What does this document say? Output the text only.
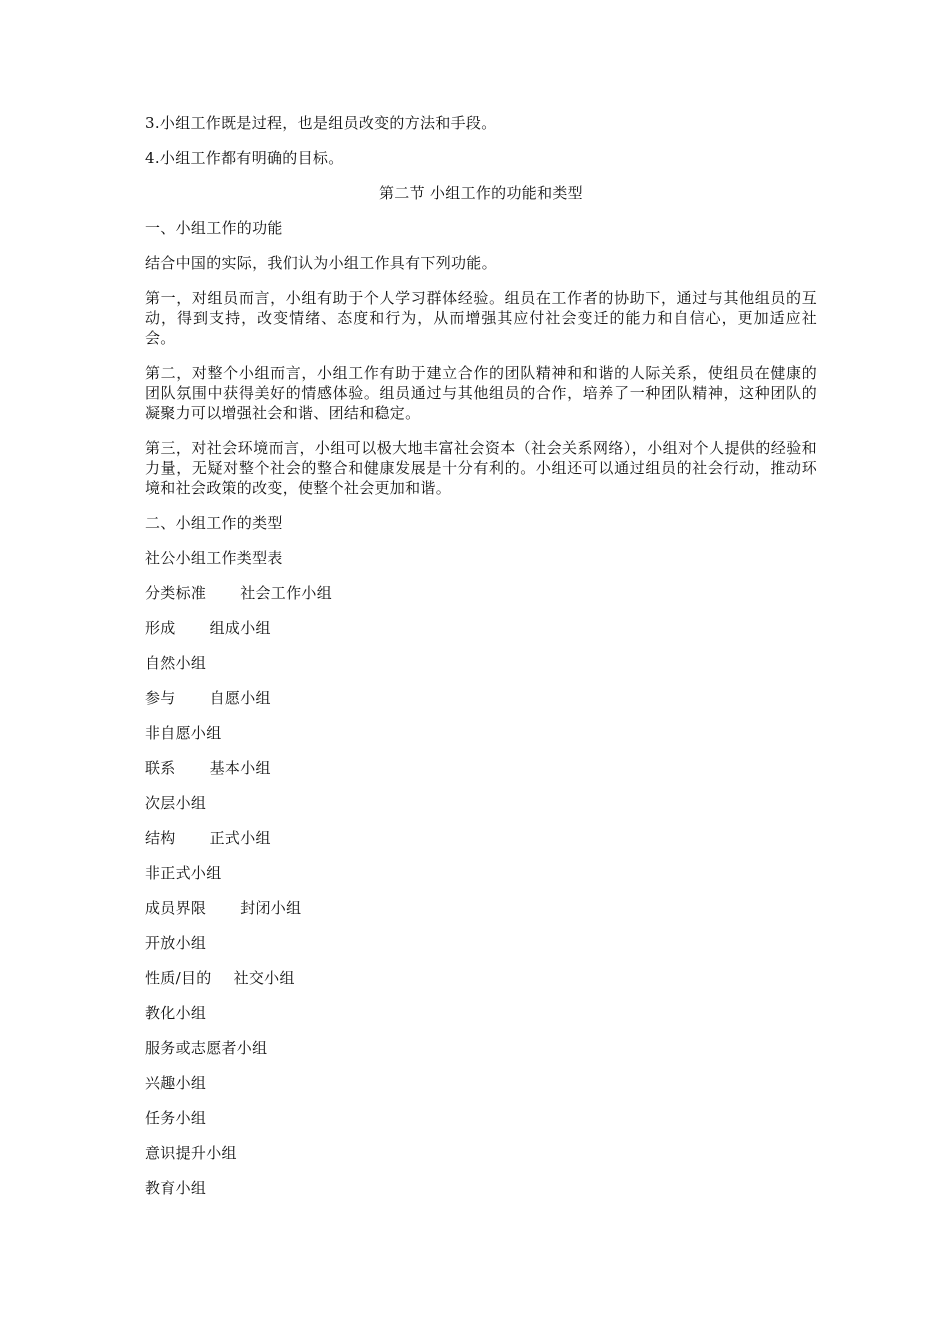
3.小组工作既是过程，也是组员改变的方法和手段。

4.小组工作都有明确的目标。

第二节 小组工作的功能和类型

一、小组工作的功能

结合中国的实际，我们认为小组工作具有下列功能。

第一，对组员而言，小组有助于个人学习群体经验。组员在工作者的协助下，通过与其他组员的互动，得到支持，改变情绪、态度和行为，从而增强其应付社会变迁的能力和自信心，更加适应社会。

第二，对整个小组而言，小组工作有助于建立合作的团队精神和和谐的人际关系，使组员在健康的团队氛围中获得美好的情感体验。组员通过与其他组员的合作，培养了一种团队精神，这种团队的凝聚力可以增强社会和谐、团结和稳定。

第三，对社会环境而言，小组可以极大地丰富社会资本（社会关系网络），小组对个人提供的经验和力量，无疑对整个社会的整合和健康发展是十分有利的。小组还可以通过组员的社会行动，推动环境和社会政策的改变，使整个社会更加和谐。

二、小组工作的类型

社公小组工作类型表

分类标准 社会工作小组
形成 组成小组
自然小组
参与 自愿小组
非自愿小组
联系 基本小组
次层小组
结构 正式小组
非正式小组
成员界限 封闭小组
开放小组
性质/目的 社交小组
教化小组
服务或志愿者小组
兴趣小组
任务小组
意识提升小组
教育小组
